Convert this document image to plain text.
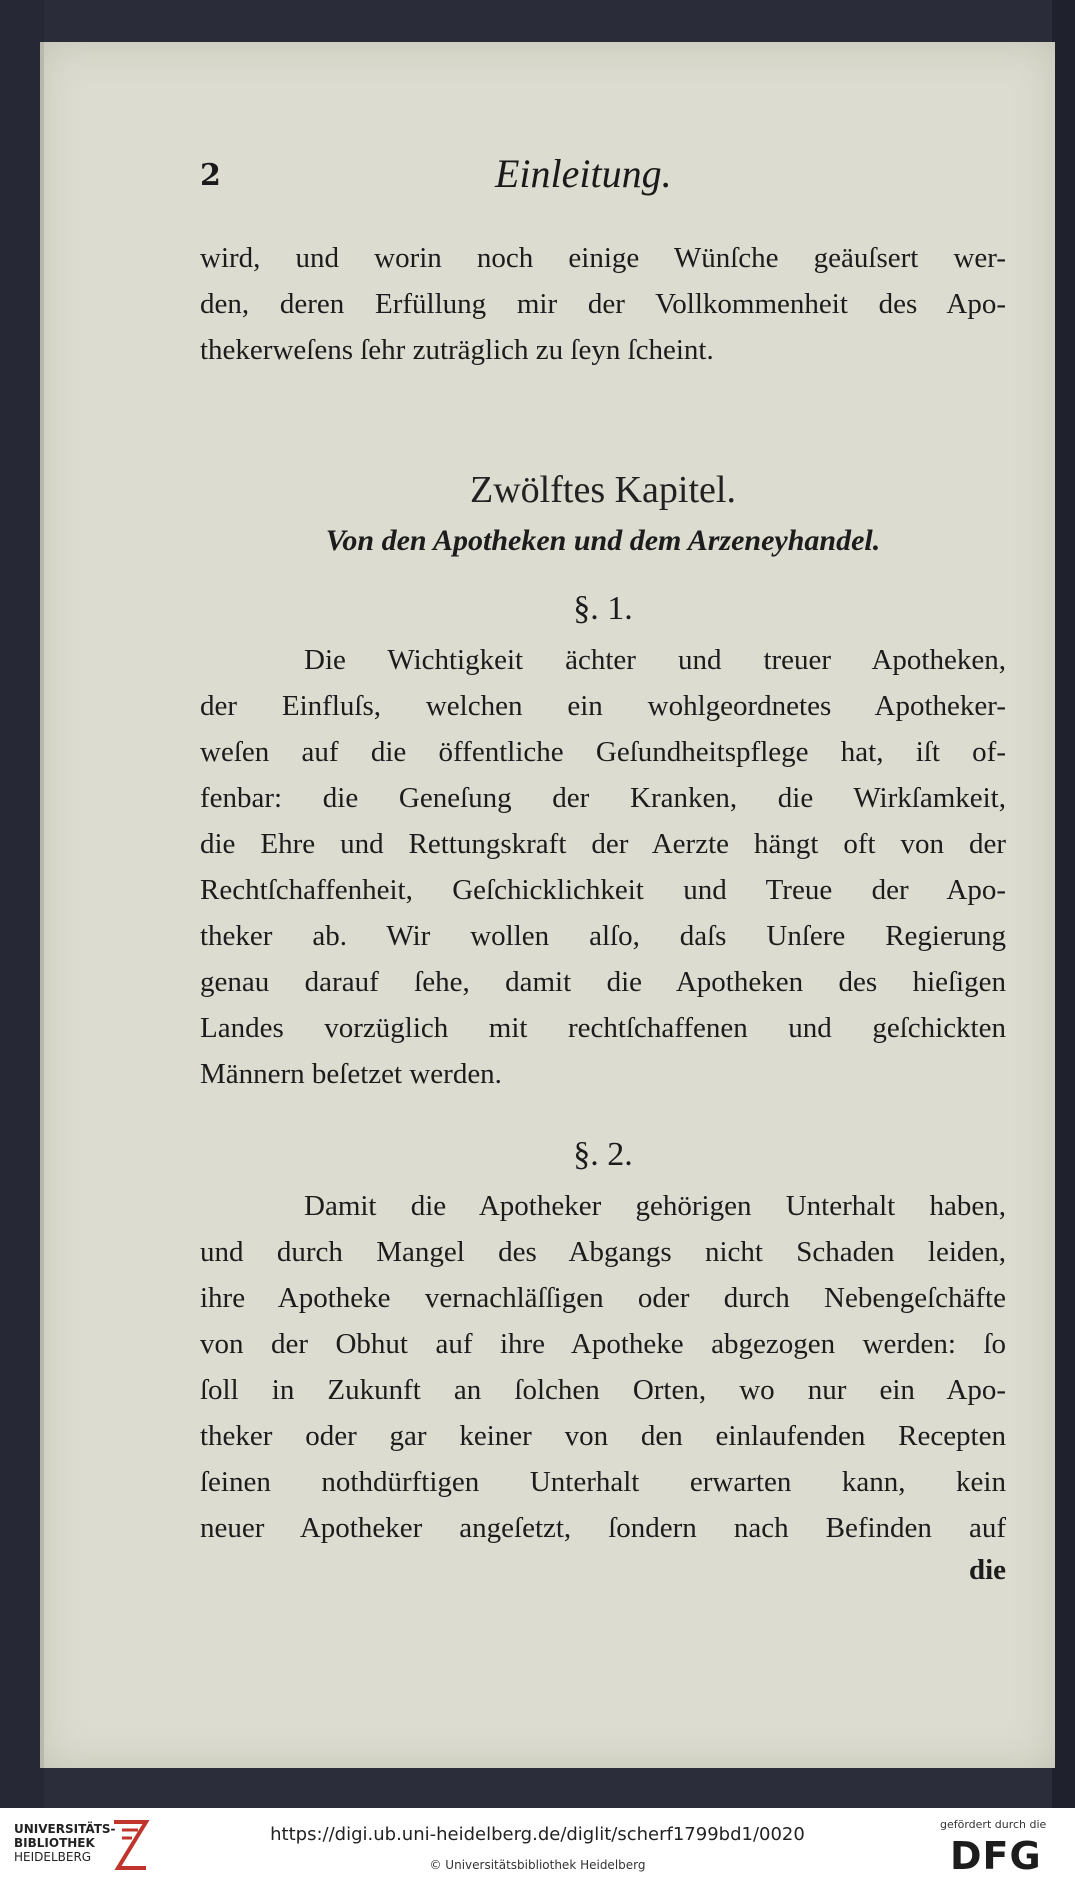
2	Einleitung.
wird, und worin noch einige Wünſche geäuſsert wer-
den, deren Erfüllung mir der Vollkommenheit des Apo-
thekerweſens ſehr zuträglich zu ſeyn ſcheint.
Zwölftes Kapitel.
Von den Apotheken und dem Arzeneyhandel.
§. 1.
Die Wichtigkeit ächter und treuer Apotheken,
der Einfluſs, welchen ein wohlgeordnetes Apotheker-
weſen auf die öffentliche Geſundheitspflege hat, iſt of-
fenbar: die Geneſung der Kranken, die Wirkſamkeit,
die Ehre und Rettungskraft der Aerzte hängt oft von der
Rechtſchaffenheit, Geſchicklichkeit und Treue der Apo-
theker ab. Wir wollen alſo, daſs Unſere Regierung
genau darauf ſehe, damit die Apotheken des hieſigen
Landes vorzüglich mit rechtſchaffenen und geſchickten
Männern beſetzet werden.
§. 2.
Damit die Apotheker gehörigen Unterhalt haben,
und durch Mangel des Abgangs nicht Schaden leiden,
ihre Apotheke vernachläſſigen oder durch Nebengeſchäfte
von der Obhut auf ihre Apotheke abgezogen werden: ſo
ſoll in Zukunft an ſolchen Orten, wo nur ein Apo-
theker oder gar keiner von den einlaufenden Recepten
ſeinen nothdürftigen Unterhalt erwarten kann, kein
neuer Apotheker angeſetzt, ſondern nach Befinden auf
die
UNIVERSITÄTS-
BIBLIOTHEK
HEIDELBERG
https://digi.ub.uni-heidelberg.de/diglit/scherf1799bd1/0020
© Universitätsbibliothek Heidelberg
gefördert durch die
DFG
